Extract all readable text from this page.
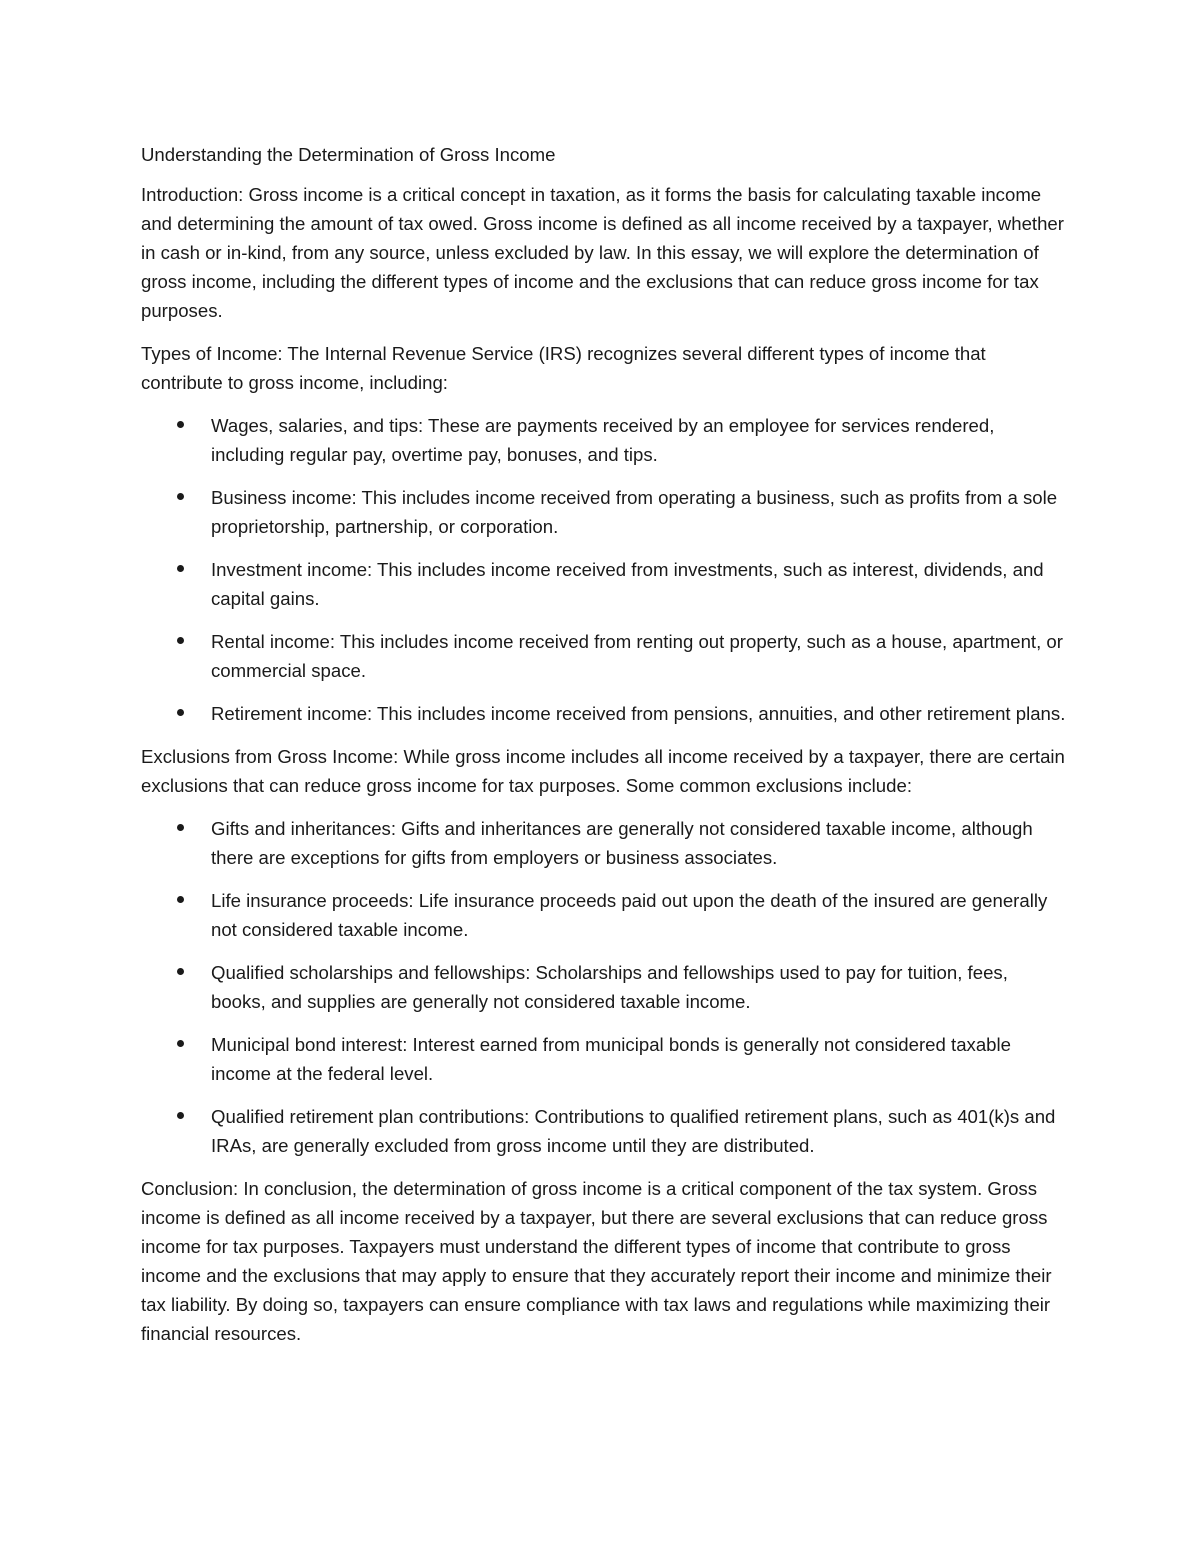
Understanding the Determination of Gross Income

Introduction: Gross income is a critical concept in taxation, as it forms the basis for calculating taxable income and determining the amount of tax owed. Gross income is defined as all income received by a taxpayer, whether in cash or in-kind, from any source, unless excluded by law. In this essay, we will explore the determination of gross income, including the different types of income and the exclusions that can reduce gross income for tax purposes.

Types of Income: The Internal Revenue Service (IRS) recognizes several different types of income that contribute to gross income, including:

Wages, salaries, and tips: These are payments received by an employee for services rendered, including regular pay, overtime pay, bonuses, and tips.
Business income: This includes income received from operating a business, such as profits from a sole proprietorship, partnership, or corporation.
Investment income: This includes income received from investments, such as interest, dividends, and capital gains.
Rental income: This includes income received from renting out property, such as a house, apartment, or commercial space.
Retirement income: This includes income received from pensions, annuities, and other retirement plans.

Exclusions from Gross Income: While gross income includes all income received by a taxpayer, there are certain exclusions that can reduce gross income for tax purposes. Some common exclusions include:

Gifts and inheritances: Gifts and inheritances are generally not considered taxable income, although there are exceptions for gifts from employers or business associates.
Life insurance proceeds: Life insurance proceeds paid out upon the death of the insured are generally not considered taxable income.
Qualified scholarships and fellowships: Scholarships and fellowships used to pay for tuition, fees, books, and supplies are generally not considered taxable income.
Municipal bond interest: Interest earned from municipal bonds is generally not considered taxable income at the federal level.
Qualified retirement plan contributions: Contributions to qualified retirement plans, such as 401(k)s and IRAs, are generally excluded from gross income until they are distributed.

Conclusion: In conclusion, the determination of gross income is a critical component of the tax system. Gross income is defined as all income received by a taxpayer, but there are several exclusions that can reduce gross income for tax purposes. Taxpayers must understand the different types of income that contribute to gross income and the exclusions that may apply to ensure that they accurately report their income and minimize their tax liability. By doing so, taxpayers can ensure compliance with tax laws and regulations while maximizing their financial resources.
